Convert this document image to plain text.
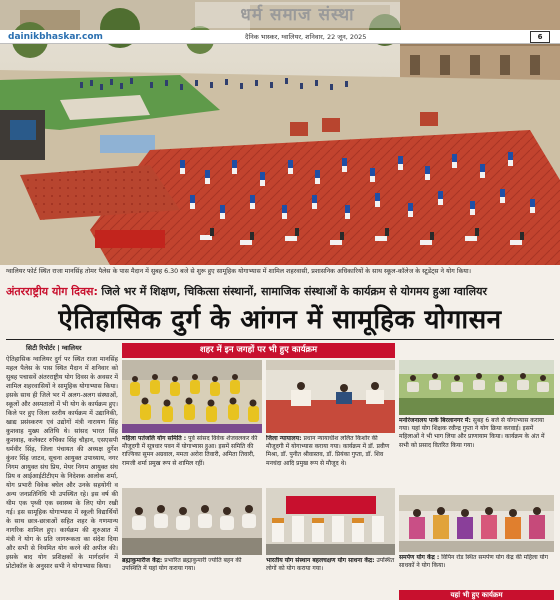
धर्म समाज संस्था
dainikbhaskar.com	दैनिक भास्कर, ग्वालियर, शनिवार, 22 जून, 2025	6
ग्वालियर फोर्ट स्थित राजा मानसिंह तोमर पैलेस के पास मैदान में सुबह 6.30 बजे से शुरू हुए सामूहिक योगाभ्यास में शामिल शहरवासी, प्रशासनिक अधिकारियों के साथ स्कूल-कॉलेज के स्टूडेंट्स ने योग किया।
अंतरराष्ट्रीय योग दिवस: जिले भर में शिक्षण, चिकित्सा संस्थानों, सामाजिक संस्थाओं के कार्यक्रम से योगमय हुआ ग्वालियर
ऐतिहासिक दुर्ग के आंगन में सामूहिक योगासन
सिटी रिपोर्टर | ग्वालियर
ऐतिहासिक ग्वालियर दुर्ग पर स्थित राजा मानसिंह महल पैलेस के पास स्थित मैदान में शनिवार को सुबह पचासवें अंतरराष्ट्रीय योग दिवस के अवसर में शामिल शहरवासियों ने सामूहिक योगाभ्यास किया। इसके साथ ही जिले भर में अलग-अलग संस्थाओं, स्कूलों और अस्पतालों में भी योग के कार्यक्रम हुए। किले पर हुए जिला स्तरीय कार्यक्रम में उद्यानिकी, खाद्य प्रसंस्करण एवं उद्योगों मंत्री नारायण सिंह कुशवाह मुख्य अतिथि थे। सांसद भारत सिंह कुशवाह, कलेक्टर रुचिका सिंह चौहान, एसएसपी धर्मवीर सिंह, जिला पंचायत की अध्यक्ष दुर्गेश कुंवर सिंह जाटव, सूचना आयुक्त उपाध्याय, नगर निगम आयुक्त संघ प्रिय, मेयर निगम आयुक्त संघ प्रिय व आईआईटीटीएम के निदेशक आलोक शर्मा, योग प्रभारी विवेक बघेल और उनके सहयोगी व अन्य जनप्रतिनिधि भी उपस्थित रहे। इस वर्ष की थीम एक पृथ्वी एक स्वास्थ्य के लिए योग रखी गई। इस सामूहिक योगाभ्यास में स्कूली विद्यार्थियों के साथ छात्र-छात्राओं सहित शहर के गणमान्य नागरिक शामिल हुए। कार्यक्रम की शुरुआत में मंत्री ने योग के प्रति जागरूकता का संदेश दिया और सभी से नियमित योग करने की अपील की। इसके बाद योग प्रशिक्षकों के मार्गदर्शन में प्रोटोकॉल के अनुसार सभी ने योगाभ्यास किया।
शहर में इन जगहों पर भी हुए कार्यक्रम
महिला पतंजलि योग समिति : पूर्व सांसद विवेक शेजवलकर की मौजूदगी में सूत्रधार पवन में योगाभ्यास हुआ। इसमें समिति की राज्यिका सुमन अग्रवाल, ममता अरोरा तिवारी, अमिता तिवारी, रामजी शर्मा प्रमुख रूप से शामिल रहीं।
जिला न्यायालय: प्रधान न्यायाधीश ललित किशोर की मौजूदगी में योगाभ्यास कराया गया। कार्यक्रम में डॉ. प्रवीण मिश्रा, डॉ. पुनीत श्रीवास्तव, डॉ. प्रियंका गुप्ता, डॉ. शिव मनचंदा आदि प्रमुख रूप से मौजूद थे।
ब्रह्माकुमारीज केंद्र: प्रभारित ब्रह्माकुमारी ज्योति बहन की उपस्थिति में यहां योग कराया गया।
भारतीय योग संस्थान बहलचक्षण योग साधना केंद्र: उपस्थित लोगों को योग कराया गया।
मनोरंजनालय पार्क बिरलानगर में: सुबह 6 बजे से योगाभ्यास कराया गया। यहां योग शिक्षक रवीन्द्र गुप्ता ने योग क्रिया करवाई। इसमें महिलाओं ने भी भाग लिया और प्राणायाम किया। कार्यक्रम के अंत में सभी को प्रसाद वितरित किया गया।
समर्पण योग केंद्र : विपिन रोड स्थित समर्पण योग केंद्र की महिला योग साधकों ने योग किया।
यहां भी हुए कार्यक्रम
